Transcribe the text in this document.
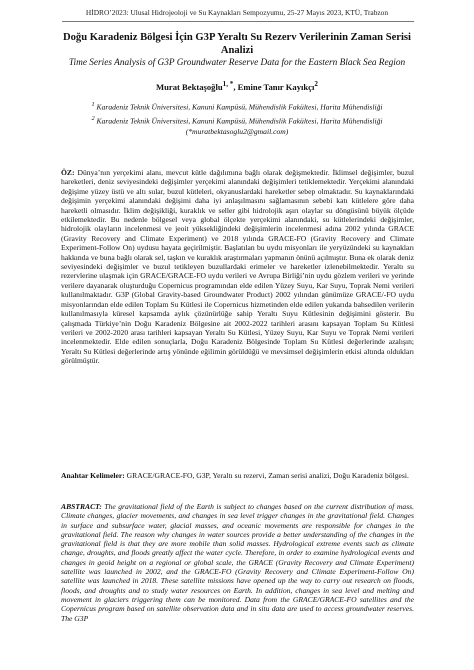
HİDRO’2023: Ulusal Hidrojeoloji ve Su Kaynakları Sempozyumu, 25-27 Mayıs 2023, KTÜ, Trabzon
Doğu Karadeniz Bölgesi İçin G3P Yeraltı Su Rezerv Verilerinin Zaman Serisi Analizi
Time Series Analysis of G3P Groundwater Reserve Data for the Eastern Black Sea Region
Murat Bektaşoğlu$^{1, *}$, Emine Tanır Kayıkçı$^2$
$^1$ Karadeniz Teknik Üniversitesi, Kanuni Kampüsü, Mühendislik Fakültesi, Harita Mühendisliği
$^2$ Karadeniz Teknik Üniversitesi, Kanuni Kampüsü, Mühendislik Fakültesi, Harita Mühendisliği
(*muratbektasoglu2@gmail.com)
ÖZ: Dünya’nın yerçekimi alanı, mevcut kütle dağılımına bağlı olarak değişmektedir. İklimsel değişimler, buzul hareketleri, deniz seviyesindeki değişimler yerçekimi alanındaki değişimleri tetiklemektedir. Yerçekimi alanındaki değişime yüzey üstü ve altı sular, buzul kütleleri, okyanuslardaki hareketler sebep olmaktadır. Su kaynaklarındaki değişimin yerçekimi alanındaki değişimi daha iyi anlaşılmasını sağlamasının sebebi katı kütlelere göre daha hareketli olmasıdır. İklim değişikliği, kuraklık ve seller gibi hidrolojik aşırı olaylar su döngüsünü büyük ölçüde etkilemektedir. Bu nedenle bölgesel veya global ölçekte yerçekimi alanındaki, su kütlelerindeki değişimler, hidrolojik olayların incelenmesi ve jeoit yüksekliğindeki değişimlerin incelenmesi adına 2002 yılında GRACE (Gravity Recovery and Climate Experiment) ve 2018 yılında GRACE-FO (Gravity Recovery and Climate Experiment-Follow On) uydusu hayata geçirilmiştir. Başlatılan bu uydu misyonları ile yeryüzündeki su kaynakları hakkında ve buna bağlı olarak sel, taşkın ve kuraklık araştırmaları yapmanın önünü açılmıştır. Buna ek olarak deniz seviyesindeki değişimler ve buzul tetikleyen buzullardaki erimeler ve hareketler izlenebilmektedir. Yeraltı su rezervlerine ulaşmak için GRACE/GRACE-FO uydu verileri ve Avrupa Birliği’nin uydu gözlem verileri ve yerinde verilere dayanarak oluşturduğu Copernicus programından elde edilen Yüzey Suyu, Kar Suyu, Toprak Nemi verileri kullanılmaktadır. G3P (Global Gravity-based Groundwater Product) 2002 yılından günümüze GRACE/-FO uydu misyonlarından elde edilen Toplam Su Kütlesi ile Copernicus hizmetinden elde edilen yukarıda bahsedilen verilerin kullanılmasıyla küresel kapsamda aylık çözünürlüğe sahip Yeraltı Suyu Kütlesinin değişimini gösterir. Bu çalışmada Türkiye’nin Doğu Karadeniz Bölgesine ait 2002-2022 tarihleri arasını kapsayan Toplam Su Kütlesi verileri ve 2002-2020 arası tarihleri kapsayan Yeraltı Su Kütlesi, Yüzey Suyu, Kar Suyu ve Toprak Nemi verileri incelenmektedir. Elde edilen sonuçlarla, Doğu Karadeniz Bölgesinde Toplam Su Kütlesi değerlerinde azalışın; Yeraltı Su Kütlesi değerlerinde artış yönünde eğilimin görüldüğü ve mevsimsel değişimlerin etkisi altında oldukları görülmüştür.
Anahtar Kelimeler: GRACE/GRACE-FO, G3P, Yeraltı su rezervi, Zaman serisi analizi, Doğu Karadeniz bölgesi.
ABSTRACT: The gravitational field of the Earth is subject to changes based on the current distribution of mass. Climate changes, glacier movements, and changes in sea level trigger changes in the gravitational field. Changes in surface and subsurface water, glacial masses, and oceanic movements are responsible for changes in the gravitational field. The reason why changes in water sources provide a better understanding of the changes in the gravitational field is that they are more mobile than solid masses. Hydrological extreme events such as climate change, droughts, and floods greatly affect the water cycle. Therefore, in order to examine hydrological events and changes in geoid height on a regional or global scale, the GRACE (Gravity Recovery and Climate Experiment) satellite was launched in 2002, and the GRACE-FO (Gravity Recovery and Climate Experiment-Follow On) satellite was launched in 2018. These satellite missions have opened up the way to carry out research on floods, floods, and droughts and to study water resources on Earth. In addition, changes in sea level and melting and movement in glaciers triggering them can be monitored. Data from the GRACE/GRACE-FO satellites and the Copernicus program based on satellite observation data and in situ data are used to access groundwater reserves. The G3P
